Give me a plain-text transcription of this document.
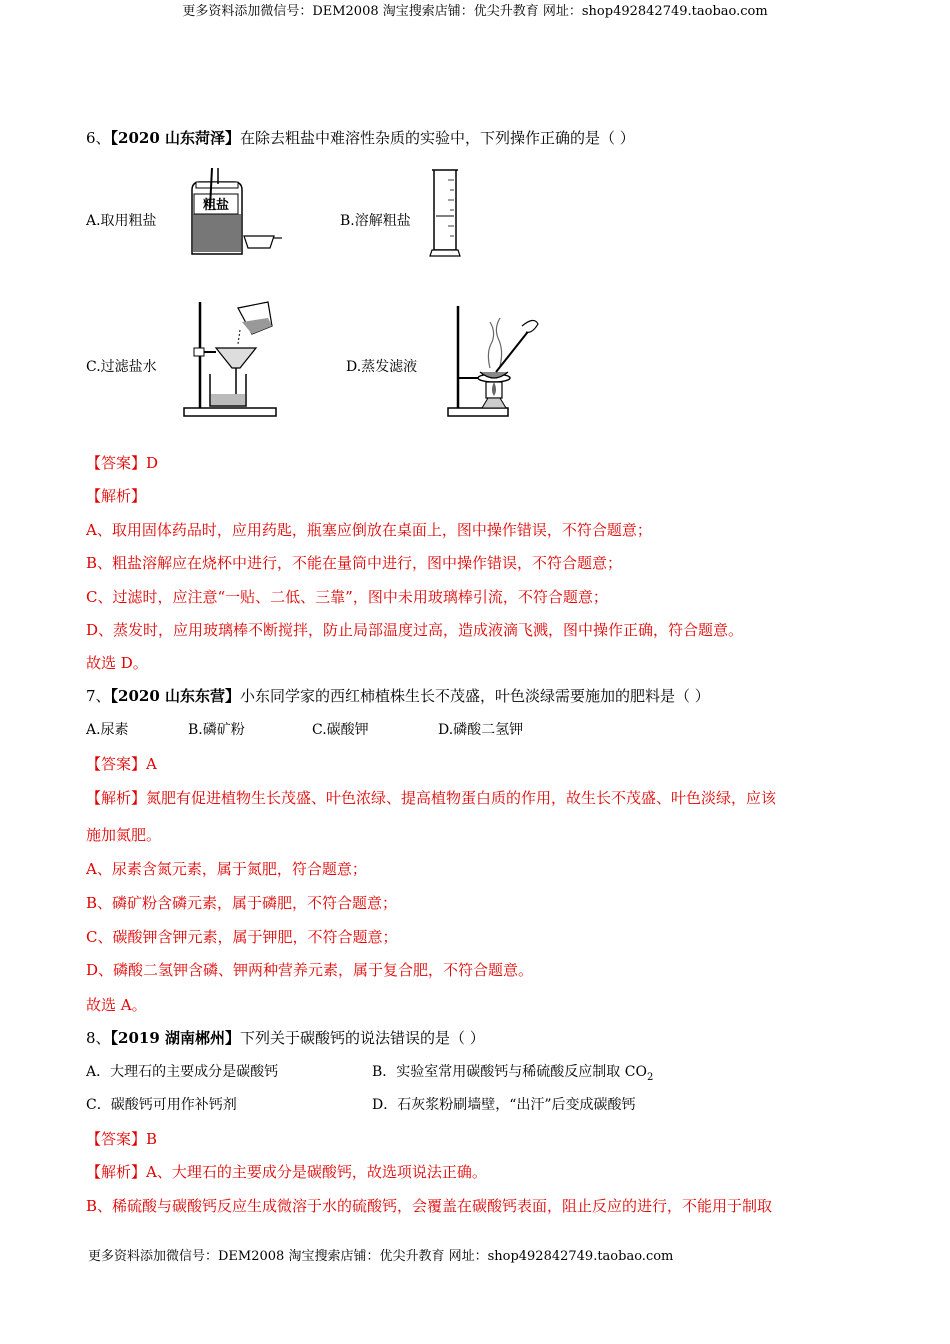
更多资料添加微信号：DEM2008 淘宝搜索店铺：优尖升教育 网址：shop492842749.taobao.com
6、【2020 山东菏泽】在除去粗盐中难溶性杂质的实验中，下列操作正确的是（ ）
A.取用粗盐
粗盐
B.溶解粗盐
C.过滤盐水	D.蒸发滤液
【答案】D
【解析】
A、取用固体药品时，应用药匙，瓶塞应倒放在桌面上，图中操作错误，不符合题意；
B、粗盐溶解应在烧杯中进行，不能在量筒中进行，图中操作错误，不符合题意；
C、过滤时，应注意“一贴、二低、三靠”，图中未用玻璃棒引流，不符合题意；
D、蒸发时，应用玻璃棒不断搅拌，防止局部温度过高，造成液滴飞溅，图中操作正确，符合题意。
故选 D。
7、【2020 山东东营】小东同学家的西红柿植株生长不茂盛，叶色淡绿需要施加的肥料是（ ）
A.尿素	B.磷矿粉	C.碳酸钾	D.磷酸二氢钾
【答案】A
【解析】氮肥有促进植物生长茂盛、叶色浓绿、提高植物蛋白质的作用，故生长不茂盛、叶色淡绿，应该
施加氮肥。
A、尿素含氮元素，属于氮肥，符合题意；
B、磷矿粉含磷元素，属于磷肥，不符合题意；
C、碳酸钾含钾元素，属于钾肥，不符合题意；
D、磷酸二氢钾含磷、钾两种营养元素，属于复合肥，不符合题意。
故选 A。
8、【2019 湖南郴州】下列关于碳酸钙的说法错误的是（ ）
A．大理石的主要成分是碳酸钙	B．实验室常用碳酸钙与稀硫酸反应制取 $CO_2$
C．碳酸钙可用作补钙剂	D．石灰浆粉刷墙壁，“出汗”后变成碳酸钙
【答案】B
【解析】A、大理石的主要成分是碳酸钙，故选项说法正确。
B、稀硫酸与碳酸钙反应生成微溶于水的硫酸钙，会覆盖在碳酸钙表面，阻止反应的进行，不能用于制取
更多资料添加微信号：DEM2008 淘宝搜索店铺：优尖升教育 网址：shop492842749.taobao.com
